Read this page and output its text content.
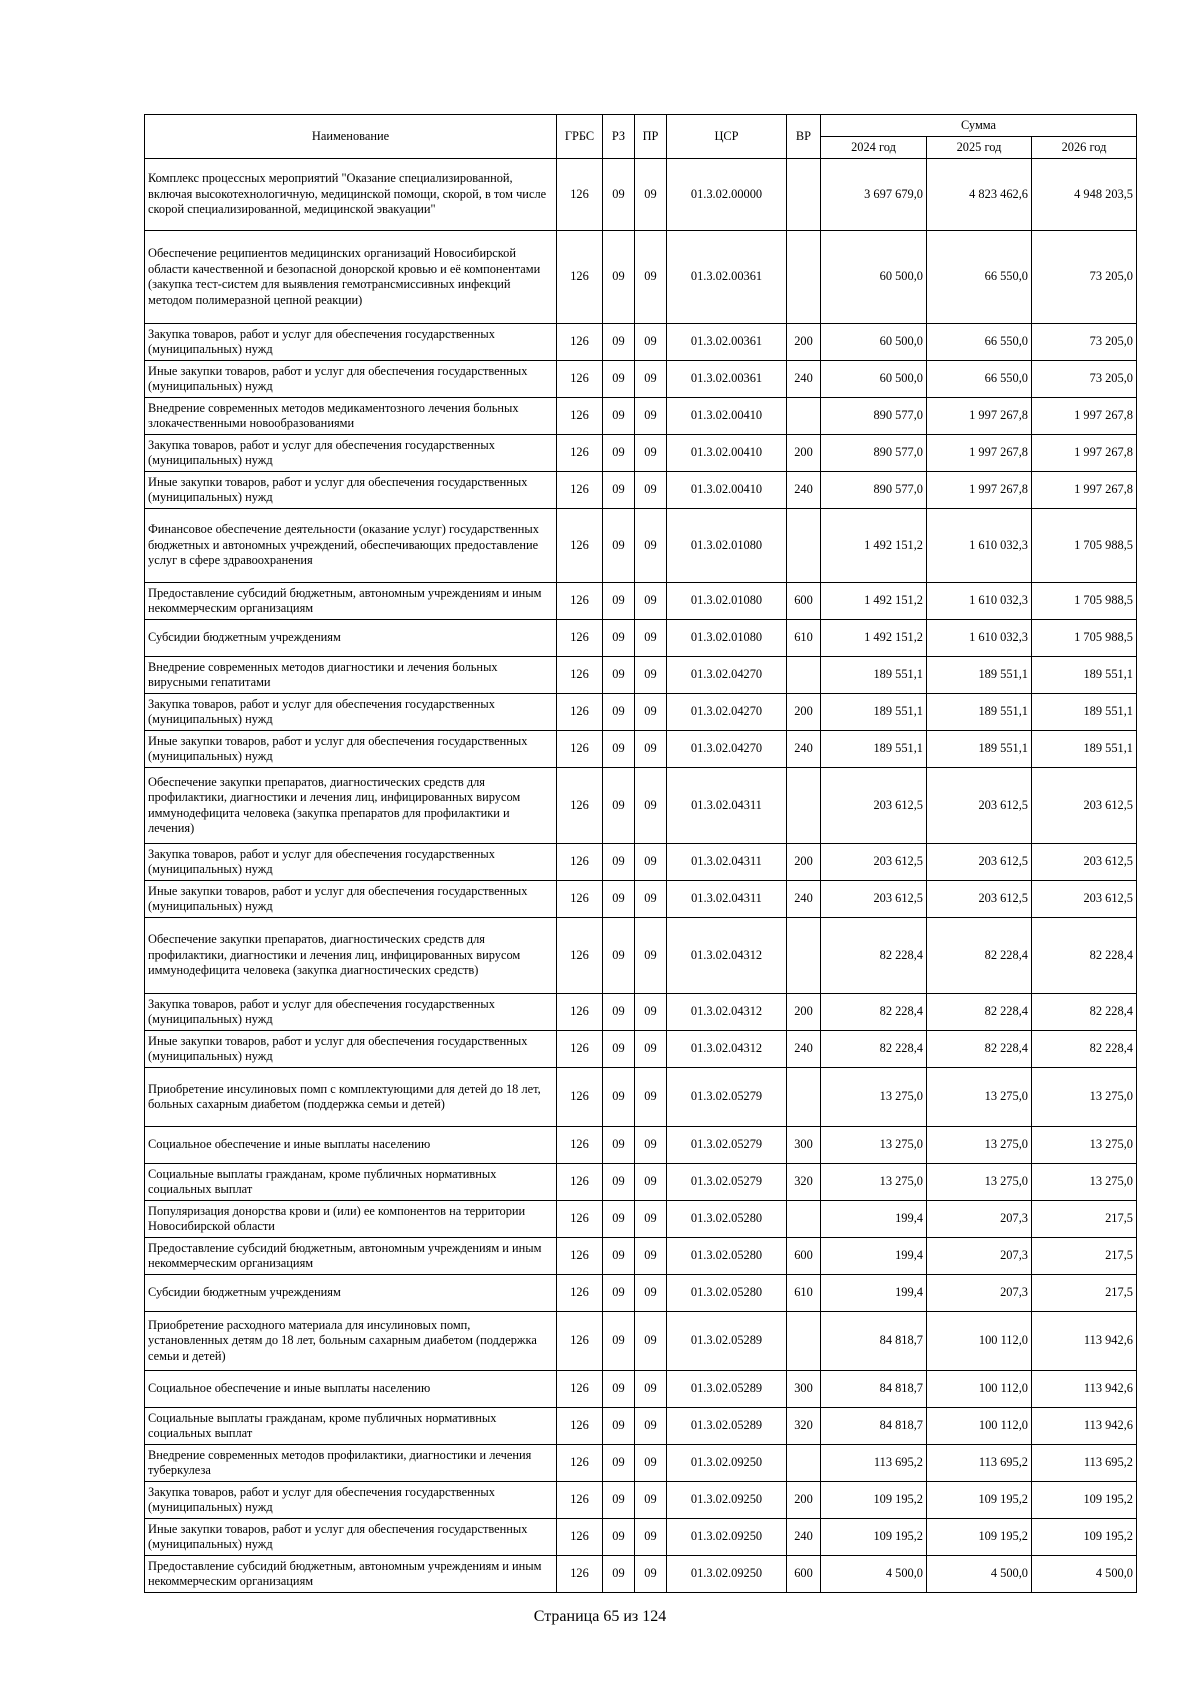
Наименование	ГРБС	РЗ	ПР	ЦСР	ВР	Сумма		
						2024 год	2025 год	2026 год
Комплекс процессных мероприятий "Оказание специализированной, включая высокотехнологичную, медицинской помощи, скорой, в том числе скорой специализированной, медицинской эвакуации"	126	09	09	01.3.02.00000		3 697 679,0	4 823 462,6	4 948 203,5
Обеспечение реципиентов медицинских организаций Новосибирской области качественной и безопасной донорской кровью и её компонентами (закупка тест-систем для выявления гемотрансмиссивных инфекций методом полимеразной цепной реакции)	126	09	09	01.3.02.00361		60 500,0	66 550,0	73 205,0
Закупка товаров, работ и услуг для обеспечения государственных (муниципальных) нужд	126	09	09	01.3.02.00361	200	60 500,0	66 550,0	73 205,0
Иные закупки товаров, работ и услуг для обеспечения государственных (муниципальных) нужд	126	09	09	01.3.02.00361	240	60 500,0	66 550,0	73 205,0
Внедрение современных методов медикаментозного лечения больных злокачественными новообразованиями	126	09	09	01.3.02.00410		890 577,0	1 997 267,8	1 997 267,8
Закупка товаров, работ и услуг для обеспечения государственных (муниципальных) нужд	126	09	09	01.3.02.00410	200	890 577,0	1 997 267,8	1 997 267,8
Иные закупки товаров, работ и услуг для обеспечения государственных (муниципальных) нужд	126	09	09	01.3.02.00410	240	890 577,0	1 997 267,8	1 997 267,8
Финансовое обеспечение деятельности (оказание услуг) государственных бюджетных и автономных учреждений, обеспечивающих предоставление услуг в сфере здравоохранения	126	09	09	01.3.02.01080		1 492 151,2	1 610 032,3	1 705 988,5
Предоставление субсидий бюджетным, автономным учреждениям и иным некоммерческим организациям	126	09	09	01.3.02.01080	600	1 492 151,2	1 610 032,3	1 705 988,5
Субсидии бюджетным учреждениям	126	09	09	01.3.02.01080	610	1 492 151,2	1 610 032,3	1 705 988,5
Внедрение современных методов диагностики и лечения больных вирусными гепатитами	126	09	09	01.3.02.04270		189 551,1	189 551,1	189 551,1
Закупка товаров, работ и услуг для обеспечения государственных (муниципальных) нужд	126	09	09	01.3.02.04270	200	189 551,1	189 551,1	189 551,1
Иные закупки товаров, работ и услуг для обеспечения государственных (муниципальных) нужд	126	09	09	01.3.02.04270	240	189 551,1	189 551,1	189 551,1
Обеспечение закупки препаратов, диагностических средств для профилактики, диагностики и лечения лиц, инфицированных вирусом иммунодефицита человека (закупка препаратов для профилактики и лечения)	126	09	09	01.3.02.04311		203 612,5	203 612,5	203 612,5
Закупка товаров, работ и услуг для обеспечения государственных (муниципальных) нужд	126	09	09	01.3.02.04311	200	203 612,5	203 612,5	203 612,5
Иные закупки товаров, работ и услуг для обеспечения государственных (муниципальных) нужд	126	09	09	01.3.02.04311	240	203 612,5	203 612,5	203 612,5
Обеспечение закупки препаратов, диагностических средств для профилактики, диагностики и лечения лиц, инфицированных вирусом иммунодефицита человека (закупка диагностических средств)	126	09	09	01.3.02.04312		82 228,4	82 228,4	82 228,4
Закупка товаров, работ и услуг для обеспечения государственных (муниципальных) нужд	126	09	09	01.3.02.04312	200	82 228,4	82 228,4	82 228,4
Иные закупки товаров, работ и услуг для обеспечения государственных (муниципальных) нужд	126	09	09	01.3.02.04312	240	82 228,4	82 228,4	82 228,4
Приобретение инсулиновых помп с комплектующими для детей до 18 лет, больных сахарным диабетом (поддержка семьи и детей)	126	09	09	01.3.02.05279		13 275,0	13 275,0	13 275,0
Социальное обеспечение и иные выплаты населению	126	09	09	01.3.02.05279	300	13 275,0	13 275,0	13 275,0
Социальные выплаты гражданам, кроме публичных нормативных социальных выплат	126	09	09	01.3.02.05279	320	13 275,0	13 275,0	13 275,0
Популяризация донорства крови и (или) ее компонентов на территории Новосибирской области	126	09	09	01.3.02.05280		199,4	207,3	217,5
Предоставление субсидий бюджетным, автономным учреждениям и иным некоммерческим организациям	126	09	09	01.3.02.05280	600	199,4	207,3	217,5
Субсидии бюджетным учреждениям	126	09	09	01.3.02.05280	610	199,4	207,3	217,5
Приобретение расходного материала для инсулиновых помп, установленных детям до 18 лет, больным сахарным диабетом (поддержка семьи и детей)	126	09	09	01.3.02.05289		84 818,7	100 112,0	113 942,6
Социальное обеспечение и иные выплаты населению	126	09	09	01.3.02.05289	300	84 818,7	100 112,0	113 942,6
Социальные выплаты гражданам, кроме публичных нормативных социальных выплат	126	09	09	01.3.02.05289	320	84 818,7	100 112,0	113 942,6
Внедрение современных методов профилактики, диагностики и лечения туберкулеза	126	09	09	01.3.02.09250		113 695,2	113 695,2	113 695,2
Закупка товаров, работ и услуг для обеспечения государственных (муниципальных) нужд	126	09	09	01.3.02.09250	200	109 195,2	109 195,2	109 195,2
Иные закупки товаров, работ и услуг для обеспечения государственных (муниципальных) нужд	126	09	09	01.3.02.09250	240	109 195,2	109 195,2	109 195,2
Предоставление субсидий бюджетным, автономным учреждениям и иным некоммерческим организациям	126	09	09	01.3.02.09250	600	4 500,0	4 500,0	4 500,0
Страница 65 из 124
